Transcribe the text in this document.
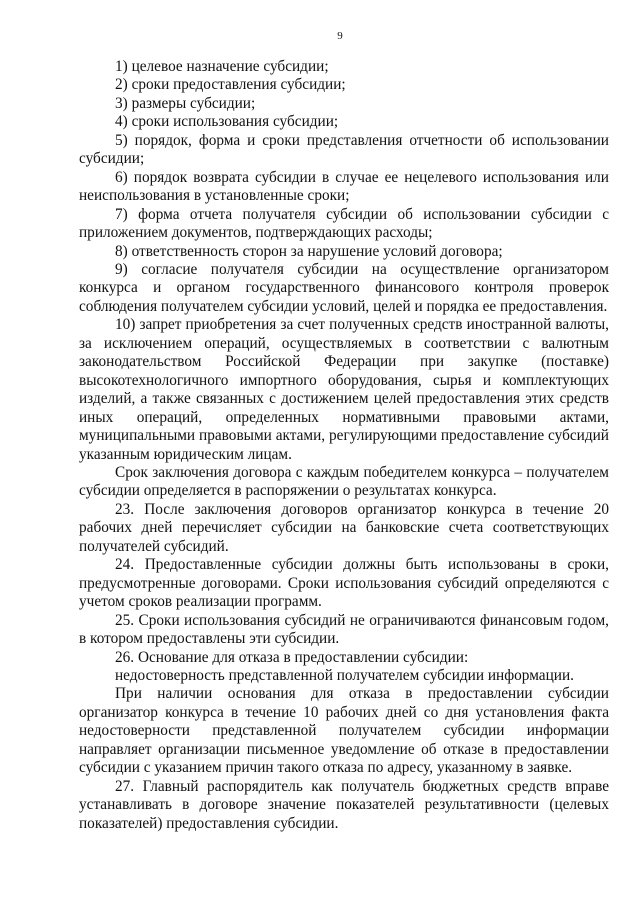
9

1) целевое назначение субсидии;

2) сроки предоставления субсидии;

3) размеры субсидии;

4) сроки использования субсидии;

5) порядок, форма и сроки представления отчетности об использовании субсидии;

6) порядок возврата субсидии в случае ее нецелевого использования или неиспользования в установленные сроки;

7) форма отчета получателя субсидии об использовании субсидии с приложением документов, подтверждающих расходы;

8) ответственность сторон за нарушение условий договора;

9) согласие получателя субсидии на осуществление организатором конкурса и органом государственного финансового контроля проверок соблюдения получателем субсидии условий, целей и порядка ее предоставления.

10) запрет приобретения за счет полученных средств иностранной валюты, за исключением операций, осуществляемых в соответствии с валютным законодательством Российской Федерации при закупке (поставке) высокотехнологичного импортного оборудования, сырья и комплектующих изделий, а также связанных с достижением целей предоставления этих средств иных операций, определенных нормативными правовыми актами, муниципальными правовыми актами, регулирующими предоставление субсидий указанным юридическим лицам.

Срок заключения договора с каждым победителем конкурса – получателем субсидии определяется в распоряжении о результатах конкурса.

23. После заключения договоров организатор конкурса в течение 20 рабочих дней перечисляет субсидии на банковские счета соответствующих получателей субсидий.

24. Предоставленные субсидии должны быть использованы в сроки, предусмотренные договорами. Сроки использования субсидий определяются с учетом сроков реализации программ.

25. Сроки использования субсидий не ограничиваются финансовым годом, в котором предоставлены эти субсидии.

26. Основание для отказа в предоставлении субсидии:

недостоверность представленной получателем субсидии информации.

При наличии основания для отказа в предоставлении субсидии организатор конкурса в течение 10 рабочих дней со дня установления факта недостоверности представленной получателем субсидии информации направляет организации письменное уведомление об отказе в предоставлении субсидии с указанием причин такого отказа по адресу, указанному в заявке.

27. Главный распорядитель как получатель бюджетных средств вправе устанавливать в договоре значение показателей результативности (целевых показателей) предоставления субсидии.
